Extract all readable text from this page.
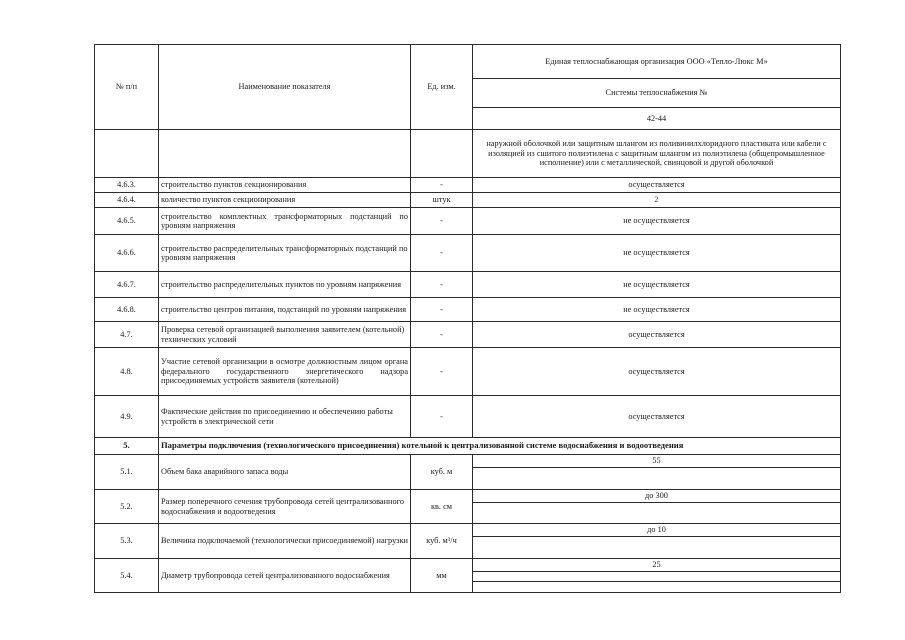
№ п/п	Наименование показателя	Ед. изм.	Единая теплоснабжающая организация ООО «Тепло-Люкс М»
			Системы теплоснабжения №
			42-44
			наружной оболочкой или защитным шлангом из поливинилхлоридного пластиката или кабели с изоляцией из сшитого полиэтилена с защитным шлангом из полиэтилена (общепромышленное исполнение) или с металлической, свинцовой и другой оболочкой
4.6.3.	строительство пунктов секционирования	-	осуществляется
4.6.4.	количество пунктов секционирования	штук	2
4.6.5.	строительство комплектных трансформаторных подстанций по уровням напряжения	-	не осуществляется
4.6.6.	строительство распределительных трансформаторных подстанций по уровням напряжения	-	не осуществляется
4.6.7.	строительство распределительных пунктов по уровням напряжения	-	не осуществляется
4.6.8.	строительство центров питания, подстанций по уровням напряжения	-	не осуществляется
4.7.	Проверка сетевой организацией выполнения заявителем (котельной) технических условий	-	осуществляется
4.8.	Участие сетевой организации в осмотре должностным лицом органа федерального государственного энергетического надзора присоединяемых устройств заявителя (котельной)	-	осуществляется
4.9.	Фактические действия по присоединению и обеспечению работы устройств в электрической сети	-	осуществляется
5.	Параметры подключения (технологического присоединения) котельной к централизованной системе водоснабжения и водоотведения		
5.1.	Объем бака аварийного запаса воды	куб. м	55

5.2.	Размер поперечного сечения трубопровода сетей централизованного водоснабжения и водоотведения	кв. см	до 300

5.3.	Величина подключаемой (технологически присоединяемой) нагрузки	куб. м³/ч	до 10

5.4.	Диаметр трубопровода сетей централизованного водоснабжения	мм	25
